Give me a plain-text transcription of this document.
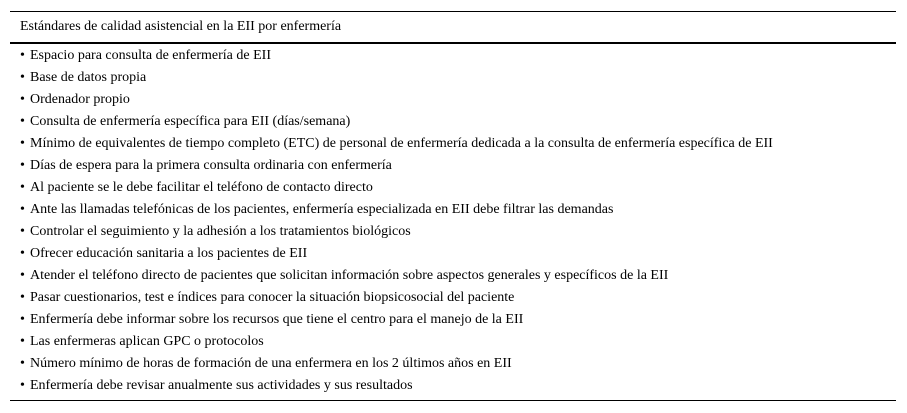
Estándares de calidad asistencial en la EII por enfermería
• Espacio para consulta de enfermería de EII
• Base de datos propia
• Ordenador propio
• Consulta de enfermería específica para EII (días/semana)
• Mínimo de equivalentes de tiempo completo (ETC) de personal de enfermería dedicada a la consulta de enfermería específica de EII
• Días de espera para la primera consulta ordinaria con enfermería
• Al paciente se le debe facilitar el teléfono de contacto directo
• Ante las llamadas telefónicas de los pacientes, enfermería especializada en EII debe filtrar las demandas
• Controlar el seguimiento y la adhesión a los tratamientos biológicos
• Ofrecer educación sanitaria a los pacientes de EII
• Atender el teléfono directo de pacientes que solicitan información sobre aspectos generales y específicos de la EII
• Pasar cuestionarios, test e índices para conocer la situación biopsicosocial del paciente
• Enfermería debe informar sobre los recursos que tiene el centro para el manejo de la EII
• Las enfermeras aplican GPC o protocolos
• Número mínimo de horas de formación de una enfermera en los 2 últimos años en EII
• Enfermería debe revisar anualmente sus actividades y sus resultados
